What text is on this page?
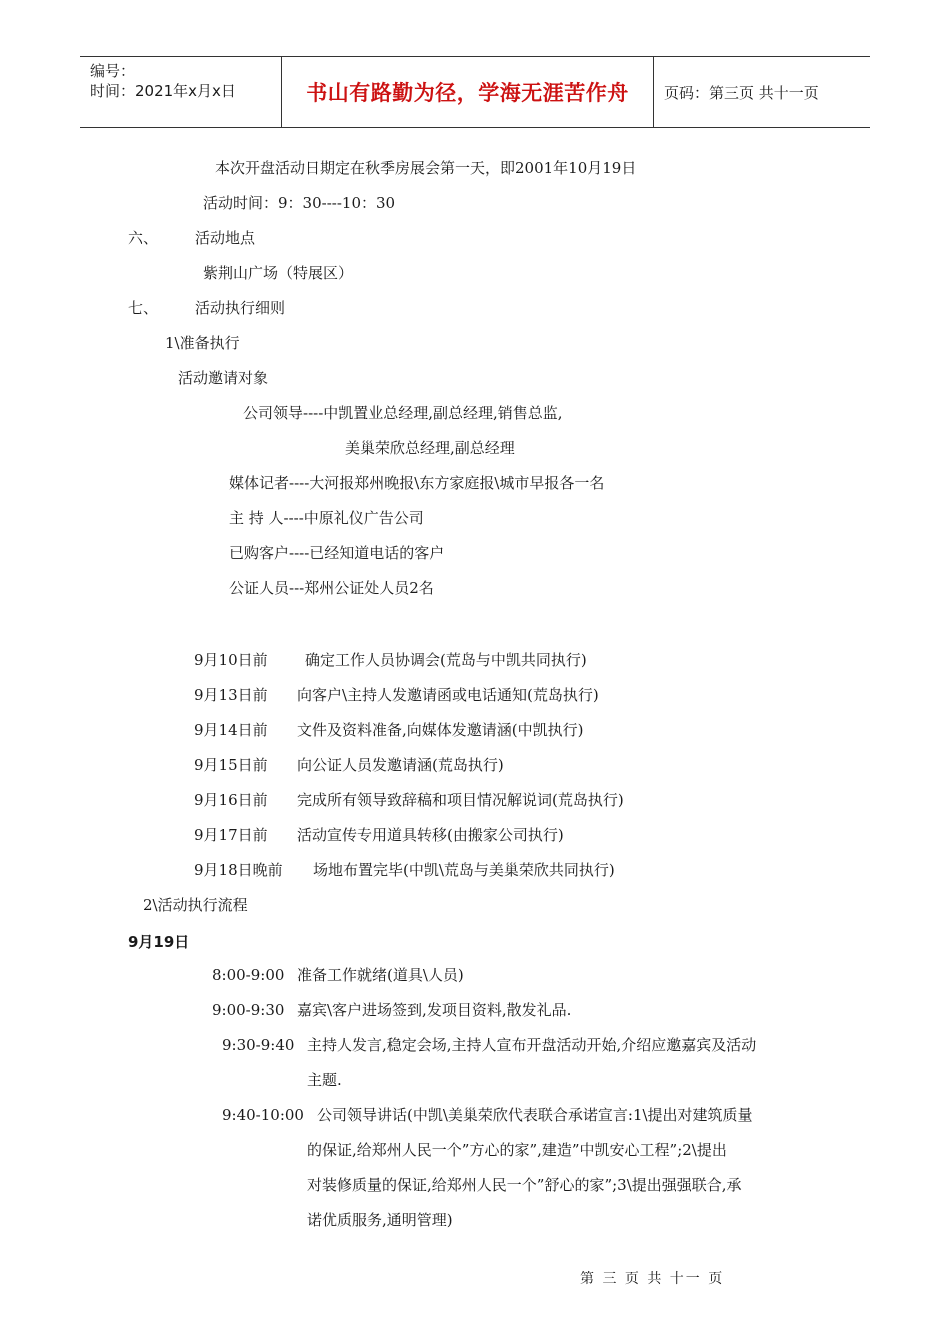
编号：
时间：2021年x月x日	书山有路勤为径，学海无涯苦作舟	页码：第三页 共十一页
本次开盘活动日期定在秋季房展会第一天，即2001年10月19日
活动时间：9：30----10：30
六、 活动地点
紫荆山广场（特展区）
七、 活动执行细则
1\准备执行
活动邀请对象
公司领导----中凯置业总经理,副总经理,销售总监,
美巢荣欣总经理,副总经理
媒体记者----大河报郑州晚报\东方家庭报\城市早报各一名
主 持 人----中原礼仪广告公司
已购客户----已经知道电话的客户
公证人员---郑州公证处人员2名
9月10日前 确定工作人员协调会(荒岛与中凯共同执行)
9月13日前 向客户\主持人发邀请函或电话通知(荒岛执行)
9月14日前 文件及资料准备,向媒体发邀请涵(中凯执行)
9月15日前 向公证人员发邀请涵(荒岛执行)
9月16日前 完成所有领导致辞稿和项目情况解说词(荒岛执行)
9月17日前 活动宣传专用道具转移(由搬家公司执行)
9月18日晚前 场地布置完毕(中凯\荒岛与美巢荣欣共同执行)
2\活动执行流程
9月19日
8:00-9:00 准备工作就绪(道具\人员)
9:00-9:30 嘉宾\客户进场签到,发项目资料,散发礼品.
9:30-9:40 主持人发言,稳定会场,主持人宣布开盘活动开始,介绍应邀嘉宾及活动
主题.
9:40-10:00 公司领导讲话(中凯\美巢荣欣代表联合承诺宣言:1\提出对建筑质量
的保证,给郑州人民一个”方心的家”,建造”中凯安心工程”;2\提出
对装修质量的保证,给郑州人民一个”舒心的家”;3\提出强强联合,承
诺优质服务,通明管理)
第 三 页 共 十一 页
